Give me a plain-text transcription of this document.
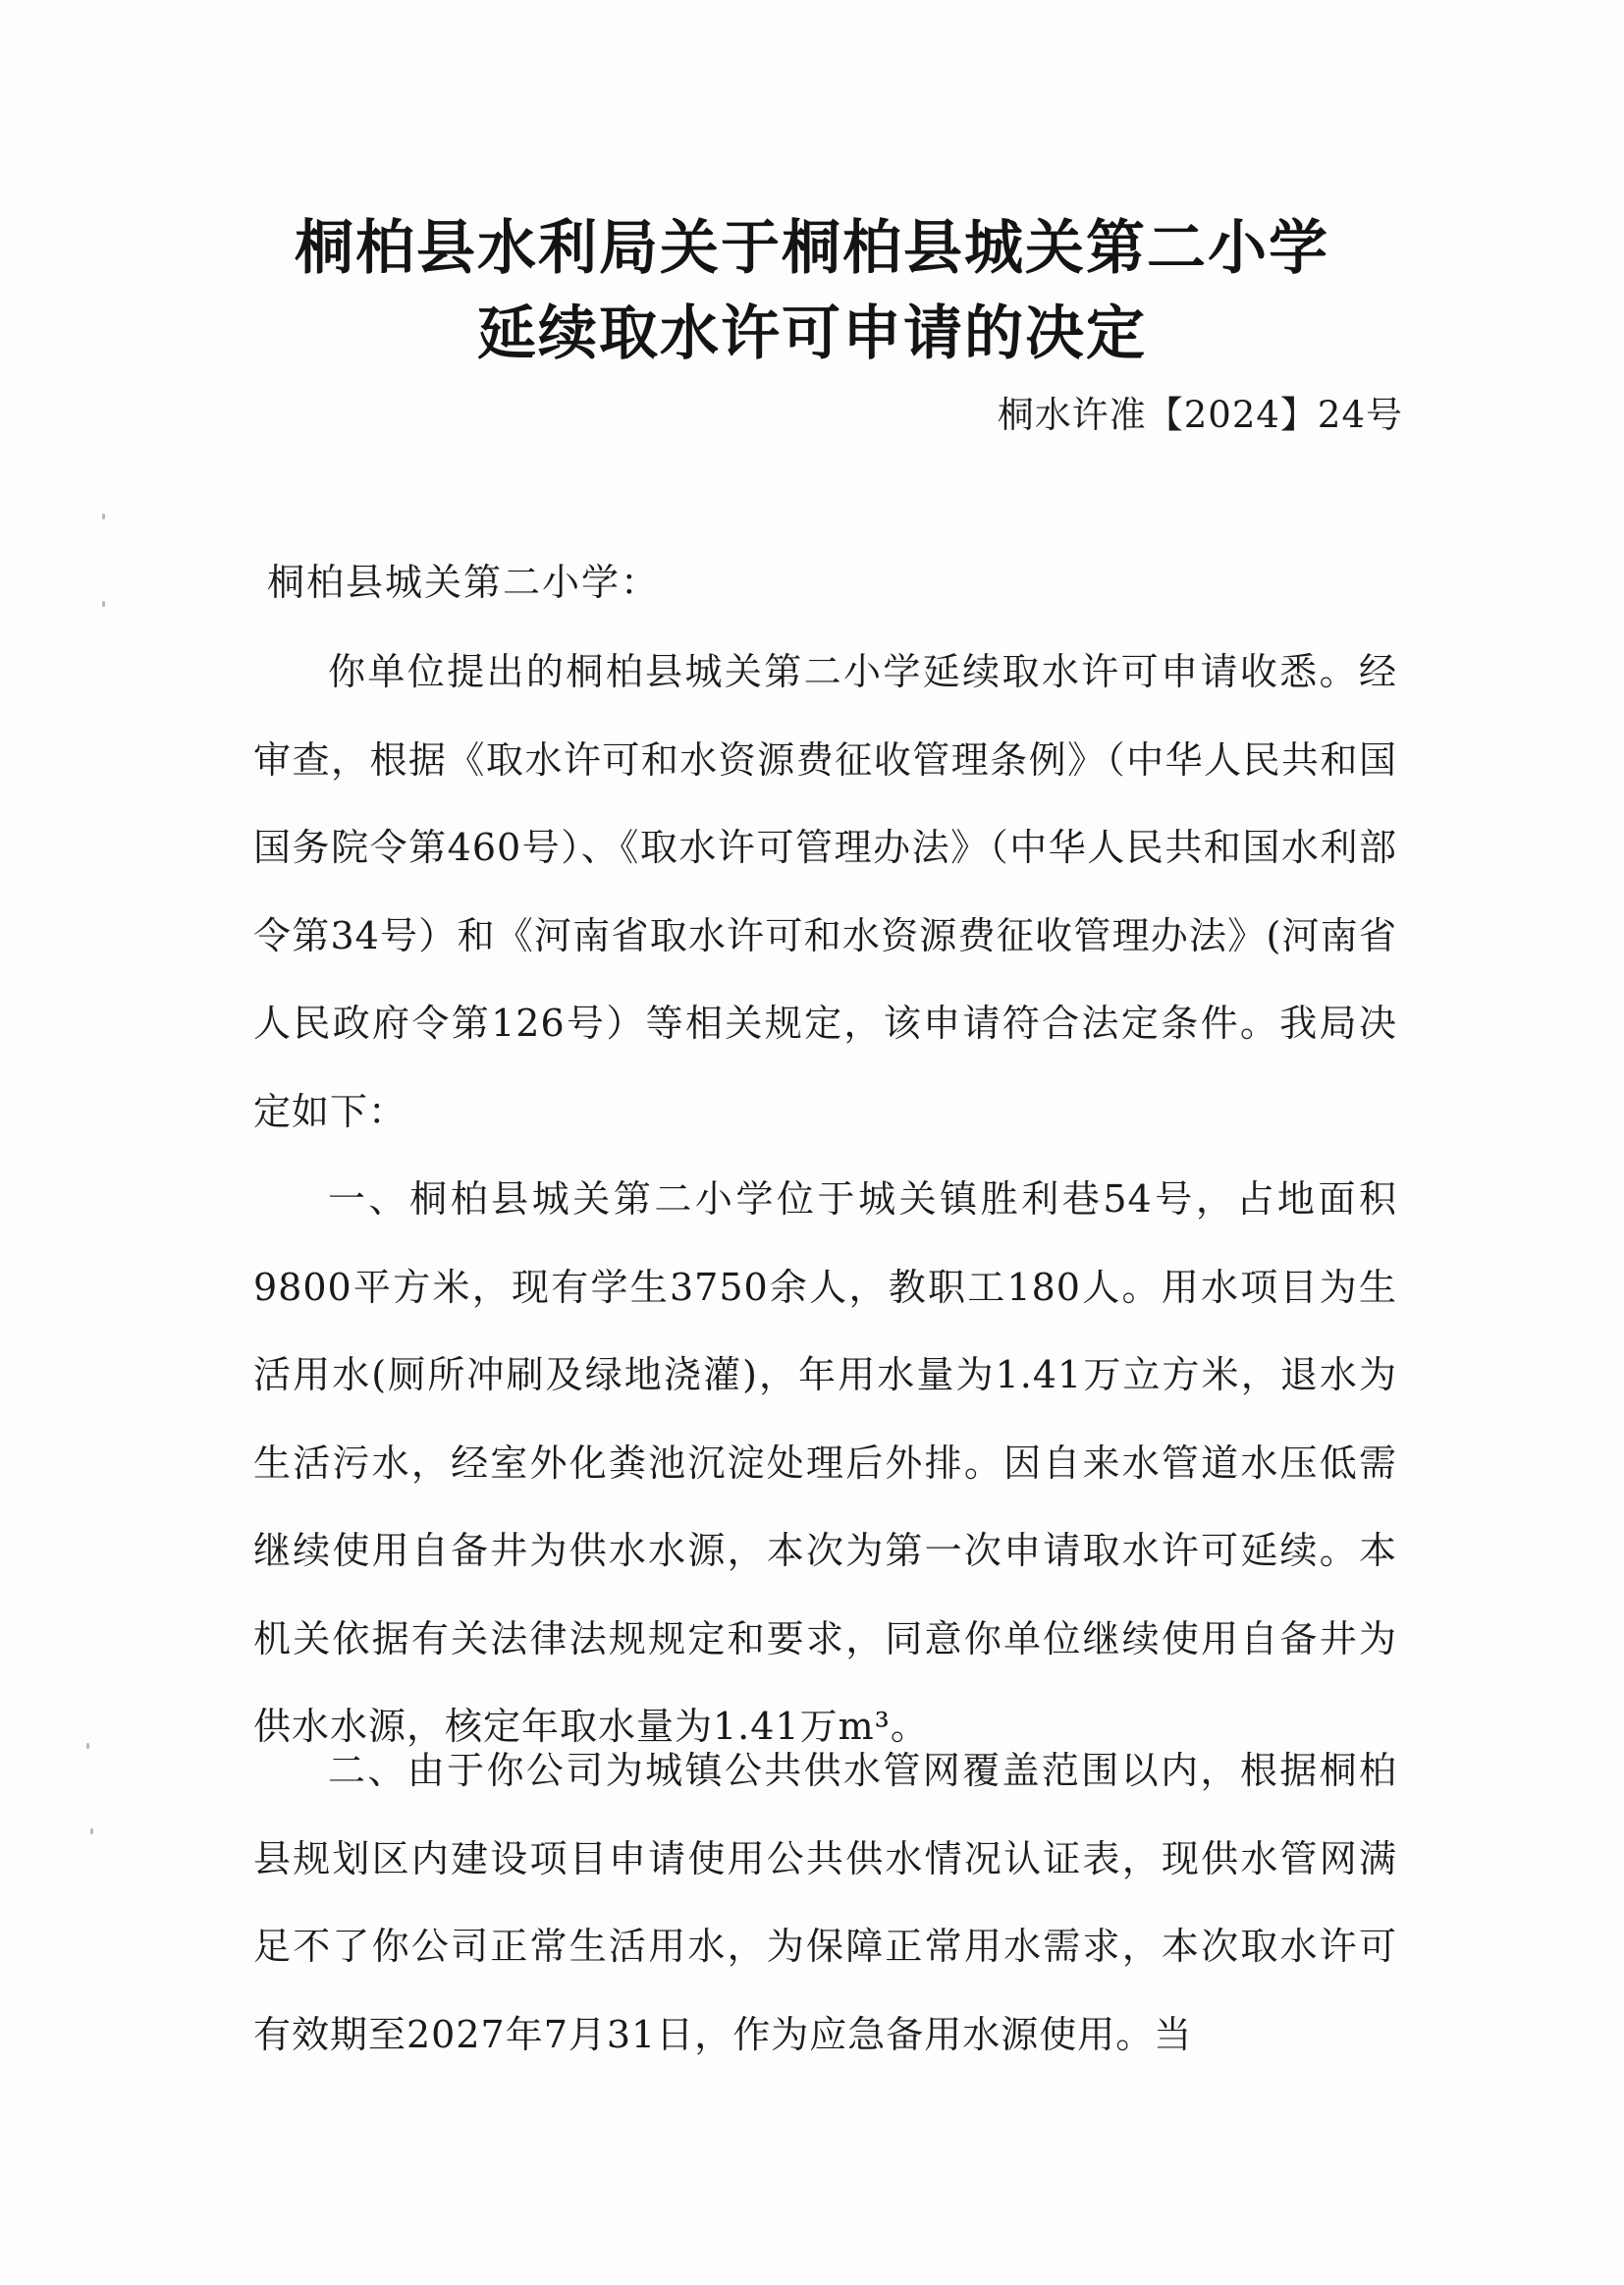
桐柏县水利局关于桐柏县城关第二小学
延续取水许可申请的决定
桐水许准【2024】24号
桐柏县城关第二小学：

你单位提出的桐柏县城关第二小学延续取水许可申请收悉。经审查，根据《取水许可和水资源费征收管理条例》（中华人民共和国国务院令第460号）、《取水许可管理办法》（中华人民共和国水利部令第34号）和《河南省取水许可和水资源费征收管理办法》(河南省人民政府令第126号）等相关规定，该申请符合法定条件。我局决定如下：

一、桐柏县城关第二小学位于城关镇胜利巷54号，占地面积9800平方米，现有学生3750余人，教职工180人。用水项目为生活用水(厕所冲刷及绿地浇灌)，年用水量为1.41万立方米，退水为生活污水，经室外化粪池沉淀处理后外排。因自来水管道水压低需继续使用自备井为供水水源，本次为第一次申请取水许可延续。本机关依据有关法律法规规定和要求，同意你单位继续使用自备井为供水水源，核定年取水量为1.41万m³。

二、由于你公司为城镇公共供水管网覆盖范围以内，根据桐柏县规划区内建设项目申请使用公共供水情况认证表，现供水管网满足不了你公司正常生活用水，为保障正常用水需求，本次取水许可有效期至2027年7月31日，作为应急备用水源使用。当
